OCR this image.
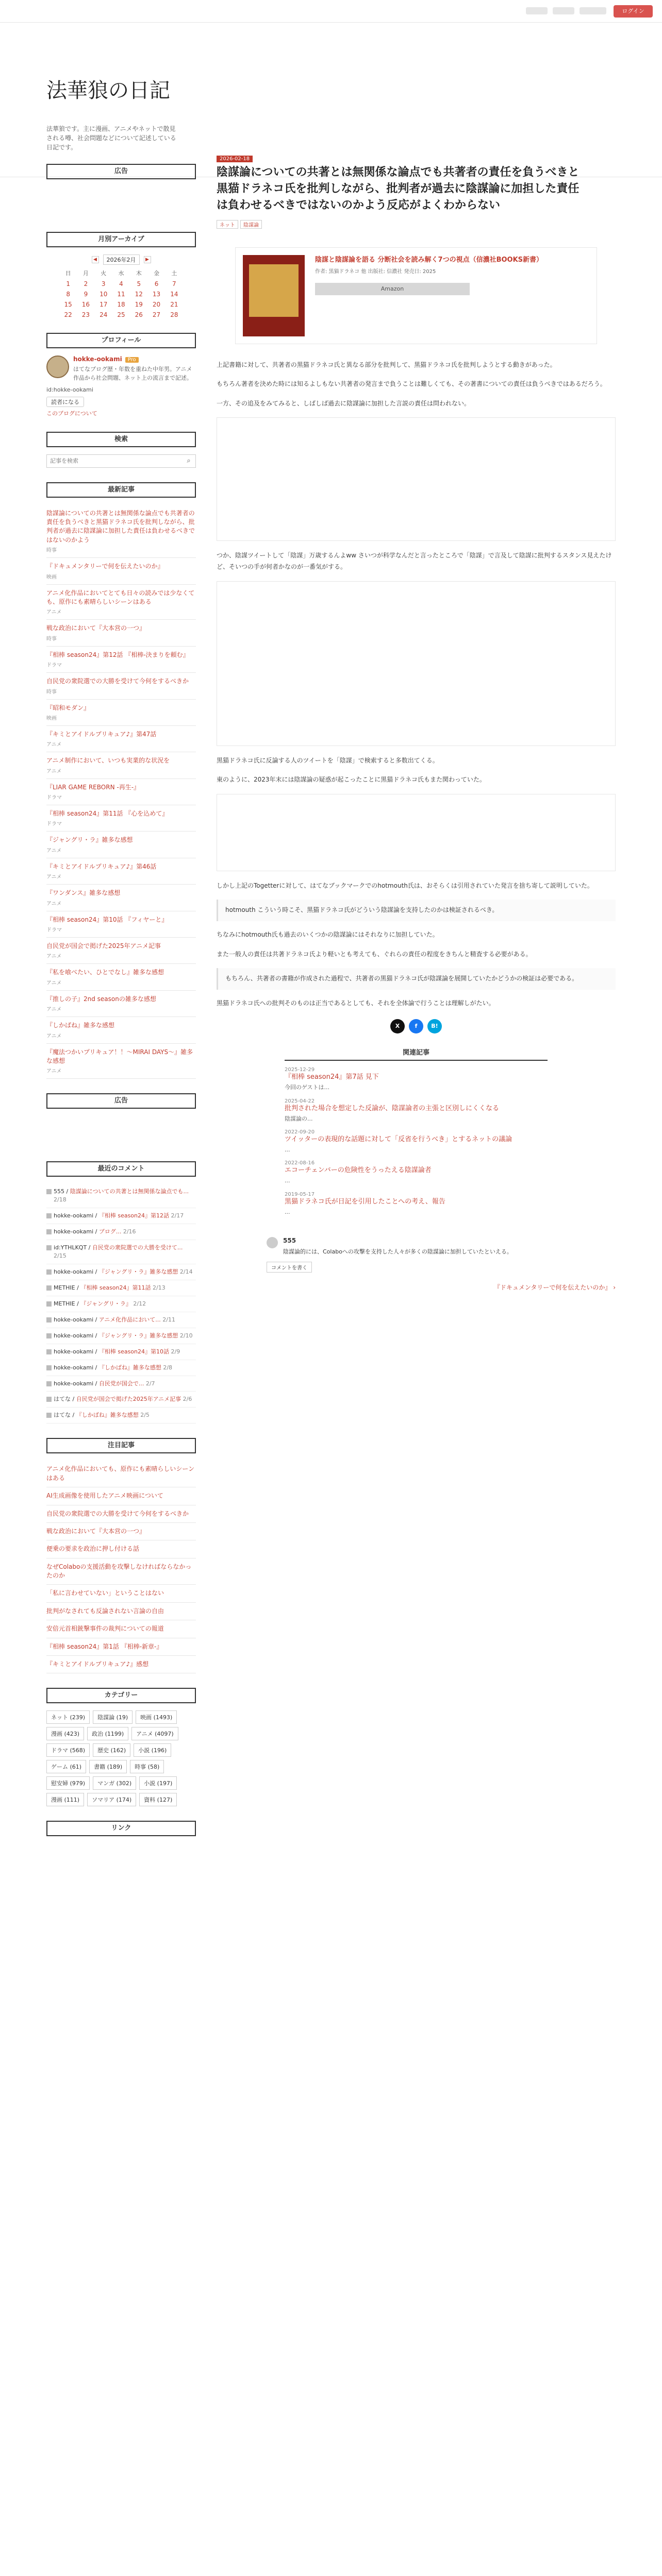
ログイン
法華狼の日記

法華狼です。主に漫画、アニメやネットで散見される噂、社会問題などについて記述している日記です。

広告
月別アーカイブ
◀	2026年2月	▶
日	月	火	水	木	金	土
1	2	3	4	5	6	7
8	9	10	11	12	13	14
15	16	17	18	19	20	21
22	23	24	25	26	27	28
プロフィール
hokke-ookami Pro

はてなブログ歴・年数を重ねた中年男。アニメ作品から社会問題、ネット上の流言まで記述。

id:hokke-ookami

読者になる
このブログについて
検索
記事を検索
⌕
最新記事
陰謀論についての共著とは無関係な論点でも共著者の責任を負うべきと黒猫ドラネコ氏を批判しながら、批判者が過去に陰謀論に加担した責任は負わせるべきではないのかよう
時事
『ドキュメンタリーで何を伝えたいのか』
映画
アニメ化作品においてとても日々の読みでは少なくても、原作にも素晴らしいシーンはある
アニメ
戦な政治において『大本営の一つ』
時事
『相棒 season24』第12話 『相棒-決まりを頼む』
ドラマ
自民党の衆院選での大勝を受けて今何をするべきか
時事
『昭和モダン』
映画
『キミとアイドルプリキュア♪』第47話
アニメ
アニメ制作において、いつも実業的な状況を
アニメ
『LIAR GAME REBORN -再生-』
ドラマ
『相棒 season24』第11話 『心を込めて』
ドラマ
『ジャングリ・ラ』雑多な感想
アニメ
『キミとアイドルプリキュア♪』第46話
アニメ
『ワンダンス』雑多な感想
アニメ
『相棒 season24』第10話 『フィヤーと』
ドラマ
自民党が国会で掲げた2025年アニメ記事
アニメ
『私を喰べたい、ひとでなし』雑多な感想
アニメ
『推しの子』2nd seasonの雑多な感想
アニメ
『しかばね』雑多な感想
アニメ
『魔法つかいプリキュア！！～MIRAI DAYS～』雑多な感想
アニメ
広告
最近のコメント
555 / 陰謀論についての共著とは無関係な論点でも... 2/18
hokke-ookami / 『相棒 season24』第12話 2/17
hokke-ookami / ブログ... 2/16
id:YTHLKQT / 自民党の衆院選での大勝を受けて... 2/15
hokke-ookami / 『ジャングリ・ラ』雑多な感想 2/14
METHIE / 『相棒 season24』第11話 2/13
METHIE / 『ジャングリ・ラ』 2/12
hokke-ookami / アニメ化作品において... 2/11
hokke-ookami / 『ジャングリ・ラ』雑多な感想 2/10
hokke-ookami / 『相棒 season24』第10話 2/9
hokke-ookami / 『しかばね』雑多な感想 2/8
hokke-ookami / 自民党が国会で... 2/7
はてな / 自民党が国会で掲げた2025年アニメ記事 2/6
はてな / 『しかばね』雑多な感想 2/5
注目記事
アニメ化作品においても、原作にも素晴らしいシーンはある
AI生成画像を使用したアニメ映画について
自民党の衆院選での大勝を受けて今何をするべきか
戦な政治において『大本営の一つ』
便乗の要求を政治に押し付ける話
なぜColaboの支援活動を攻撃しなければならなかったのか
「私に言わせていない」ということはない
批判がなされても反論されない言論の自由
安倍元首相銃撃事件の裁判についての報道
『相棒 season24』第1話 『相棒-新章-』
『キミとアイドルプリキュア♪』感想
カテゴリー
ネット (239)	陰謀論 (19)	映画 (1493)
漫画 (423)	政治 (1199)	アニメ (4097)
ドラマ (568)	歴史 (162)	小説 (196)
ゲーム (61)	書籍 (189)	時事 (58)
慰安婦 (979)	マンガ (302)	小説 (197)
漫画 (111)	ソマリア (174)	資料 (127)
リンク
2026-02-18
陰謀論についての共著とは無関係な論点でも共著者の責任を負うべきと黒猫ドラネコ氏を批判しながら、批判者が過去に陰謀論に加担した責任は負わせるべきではないのかよう反応がよくわからない
ネット	陰謀論

陰謀と陰謀論を語る 分断社会を読み解く7つの視点（信濃社BOOKS新書）

作者: 黒猫ドラネコ 他 出版社: 信濃社 発売日: 2025

Amazon

上記書籍に対して、共著者の黒猫ドラネコ氏と異なる部分を批判して、黒猫ドラネコ氏を批判しようとする動きがあった。

もちろん著者を決めた時には知るよしもない共著者の発言まで負うことは難しくても、その著書についての責任は負うべきではあるだろう。

一方、その追及をみてみると、しばしば過去に陰謀論に加担した言説の責任は問われない。

つか、陰謀ツイートして「陰謀」万歳するんよww さいつが科学なんだと言ったところで「陰謀」で言及して陰謀に批判するスタンス見えたけど、そいつの手が何者かなのが一番気がする。

黒猫ドラネコ氏に反論する人のツイートを「陰謀」で検索すると多数出てくる。

東のように、2023年末には陰謀論の疑惑が起こったことに黒猫ドラネコ氏もまた関わっていた。

しかし上記のTogetterに対して、はてなブックマークでのhotmouth氏は、おそらくは引用されていた発言を捨ち寄して説明していた。

hotmouth こういう時こそ、黒猫ドラネコ氏がどういう陰謀論を支持したのかは検証されるべき。

ちなみにhotmouth氏も過去のいくつかの陰謀論にはそれなりに加担していた。

また一般人の責任は共著ドラネコ氏より軽いとも考えても、ぐれらの責任の程度をきちんと精査する必要がある。

もちろん、共著者の書籍が作成された過程で、共著者の黒猫ドラネコ氏が陰謀論を展開していたかどうかの検証は必要である。

黒猫ドラネコ氏への批判そのものは正当であるとしても、それを全体論で行うことは理解しがたい。

X	f	B!
関連記事
2025-12-29
『相棒 season24』第7話 見下

今回のゲストは...

2025-04-22
批判された場合を想定した反論が、陰謀論者の主張と区別しにくくなる

陰謀論の...

2022-09-20
ツイッターの表現的な話題に対して「反省を行うべき」とするネットの議論

...

2022-08-16
エコーチェンバーの危険性をうったえる陰謀論者

...

2019-05-17
黒猫ドラネコ氏が日記を引用したことへの考え、報告

...

555

陰謀論的には、Colaboへの攻撃を支持した人々が多くの陰謀論に加担していたといえる。

コメントを書く
『ドキュメンタリーで何を伝えたいのか』 ›
